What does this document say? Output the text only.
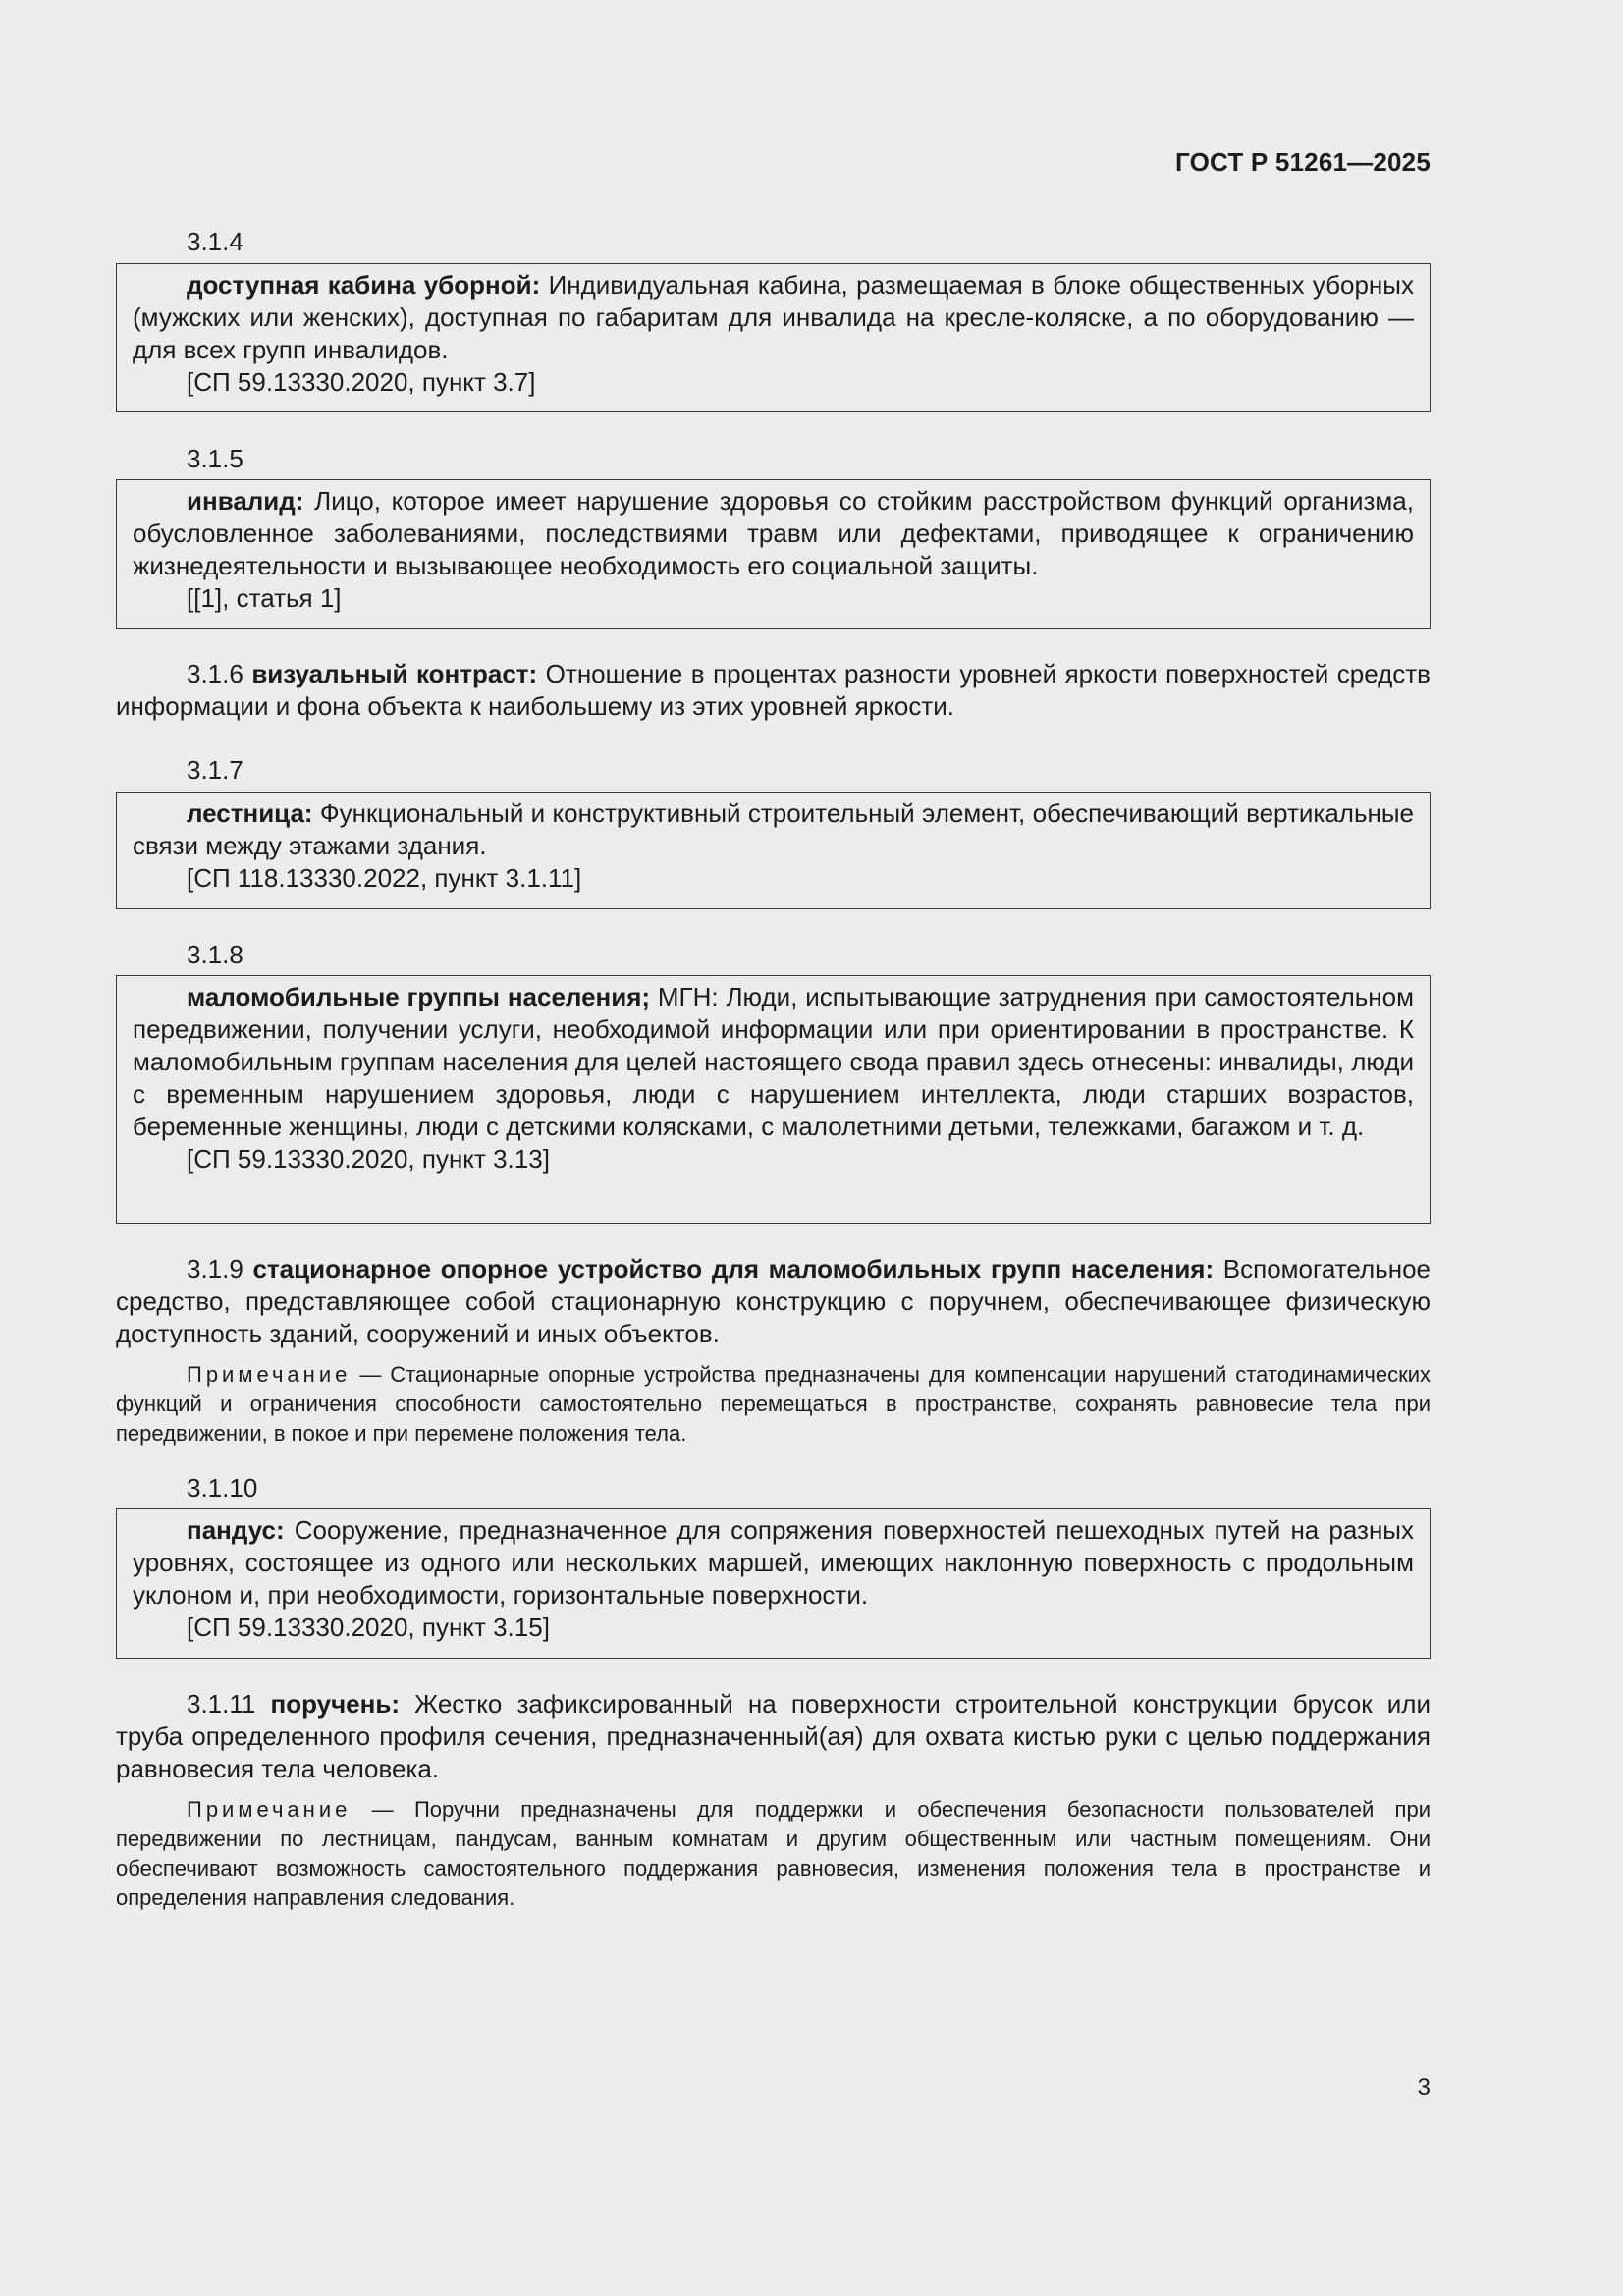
ГОСТ Р 51261—2025
3.1.4

доступная кабина уборной: Индивидуальная кабина, размещаемая в блоке общественных уборных (мужских или женских), доступная по габаритам для инвалида на кресле-коляске, а по оборудованию — для всех групп инвалидов.

[СП 59.13330.2020, пункт 3.7]

3.1.5

инвалид: Лицо, которое имеет нарушение здоровья со стойким расстройством функций организма, обусловленное заболеваниями, последствиями травм или дефектами, приводящее к ограничению жизнедеятельности и вызывающее необходимость его социальной защиты.

[[1], статья 1]

3.1.6 визуальный контраст: Отношение в процентах разности уровней яркости поверхностей средств информации и фона объекта к наибольшему из этих уровней яркости.

3.1.7

лестница: Функциональный и конструктивный строительный элемент, обеспечивающий вертикальные связи между этажами здания.

[СП 118.13330.2022, пункт 3.1.11]

3.1.8

маломобильные группы населения; МГН: Люди, испытывающие затруднения при самостоятельном передвижении, получении услуги, необходимой информации или при ориентировании в пространстве. К маломобильным группам населения для целей настоящего свода правил здесь отнесены: инвалиды, люди с временным нарушением здоровья, люди с нарушением интеллекта, люди старших возрастов, беременные женщины, люди с детскими колясками, с малолетними детьми, тележками, багажом и т. д.

[СП 59.13330.2020, пункт 3.13]

3.1.9 стационарное опорное устройство для маломобильных групп населения: Вспомогательное средство, представляющее собой стационарную конструкцию с поручнем, обеспечивающее физическую доступность зданий, сооружений и иных объектов.

Примечание — Стационарные опорные устройства предназначены для компенсации нарушений статодинамических функций и ограничения способности самостоятельно перемещаться в пространстве, сохранять равновесие тела при передвижении, в покое и при перемене положения тела.

3.1.10

пандус: Сооружение, предназначенное для сопряжения поверхностей пешеходных путей на разных уровнях, состоящее из одного или нескольких маршей, имеющих наклонную поверхность с продольным уклоном и, при необходимости, горизонтальные поверхности.

[СП 59.13330.2020, пункт 3.15]

3.1.11 поручень: Жестко зафиксированный на поверхности строительной конструкции брусок или труба определенного профиля сечения, предназначенный(ая) для охвата кистью руки с целью поддержания равновесия тела человека.

Примечание — Поручни предназначены для поддержки и обеспечения безопасности пользователей при передвижении по лестницам, пандусам, ванным комнатам и другим общественным или частным помещениям. Они обеспечивают возможность самостоятельного поддержания равновесия, изменения положения тела в пространстве и определения направления следования.

3
